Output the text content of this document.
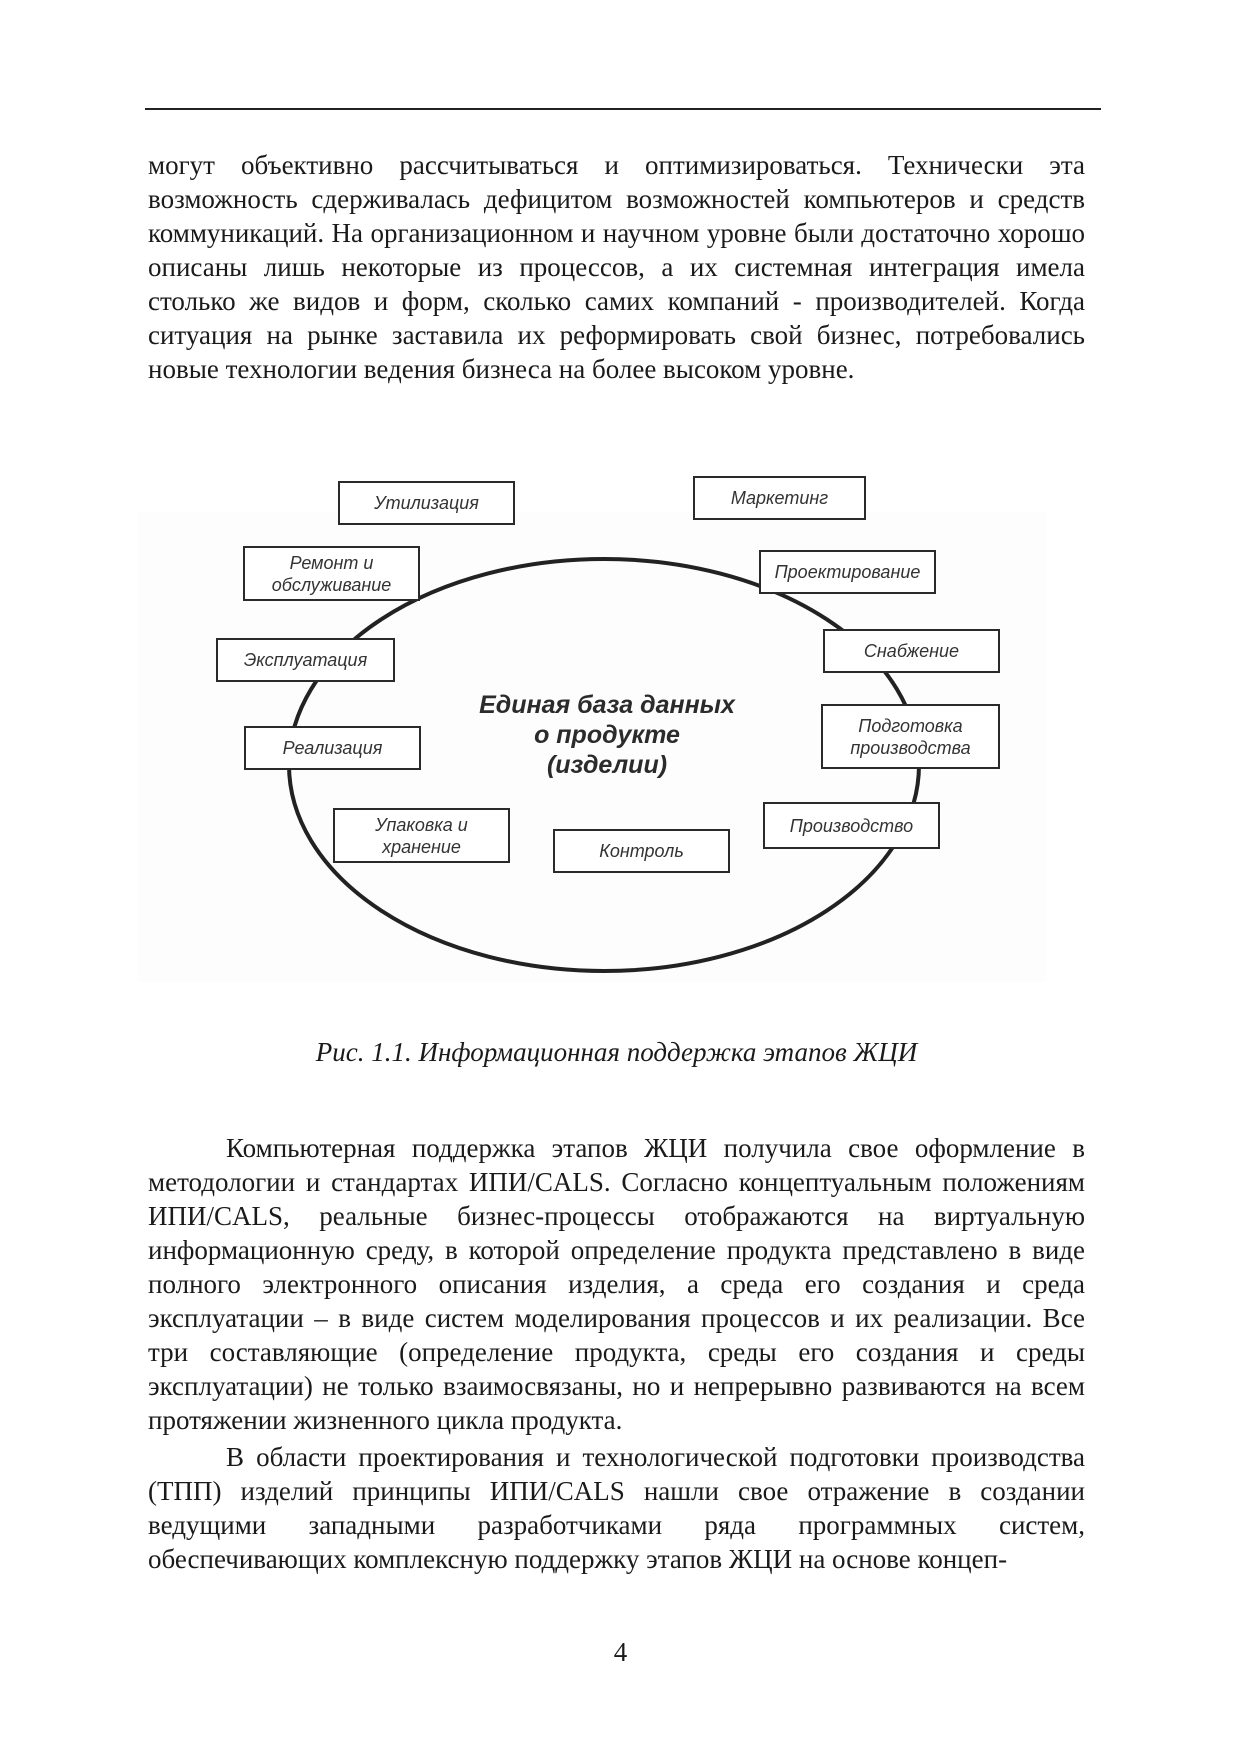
могут объективно рассчитываться и оптимизироваться. Технически эта возможность сдерживалась дефицитом возможностей компьютеров и средств коммуникаций. На организационном и научном уровне были достаточно хорошо описаны лишь некоторые из процессов, а их системная интеграция имела столько же видов и форм, сколько самих компаний - производителей. Когда ситуация на рынке заставила их реформировать свой бизнес, потребовались новые технологии ведения бизнеса на более высоком уровне.

Единая база данных
о продукте
(изделии)
Маркетинг
Проектирование
Снабжение
Подготовка
производства
Производство
Контроль
Упаковка и
хранение
Реализация
Эксплуатация
Ремонт и
обслуживание
Утилизация

Рис. 1.1. Информационная поддержка этапов ЖЦИ

Компьютерная поддержка этапов ЖЦИ получила свое оформление в методологии и стандартах ИПИ/CALS. Согласно концептуальным положениям ИПИ/CALS, реальные бизнес-процессы отображаются на виртуальную информационную среду, в которой определение продукта представлено в виде полного электронного описания изделия, а среда его создания и среда эксплуатации – в виде систем моделирования процессов и их реализации. Все три составляющие (определение продукта, среды его создания и среды эксплуатации) не только взаимосвязаны, но и непрерывно развиваются на всем протяжении жизненного цикла продукта.

В области проектирования и технологической подготовки производства (ТПП) изделий принципы ИПИ/CALS нашли свое отражение в создании ведущими западными разработчиками ряда программных систем, обеспечивающих комплексную поддержку этапов ЖЦИ на основе концеп-

4
